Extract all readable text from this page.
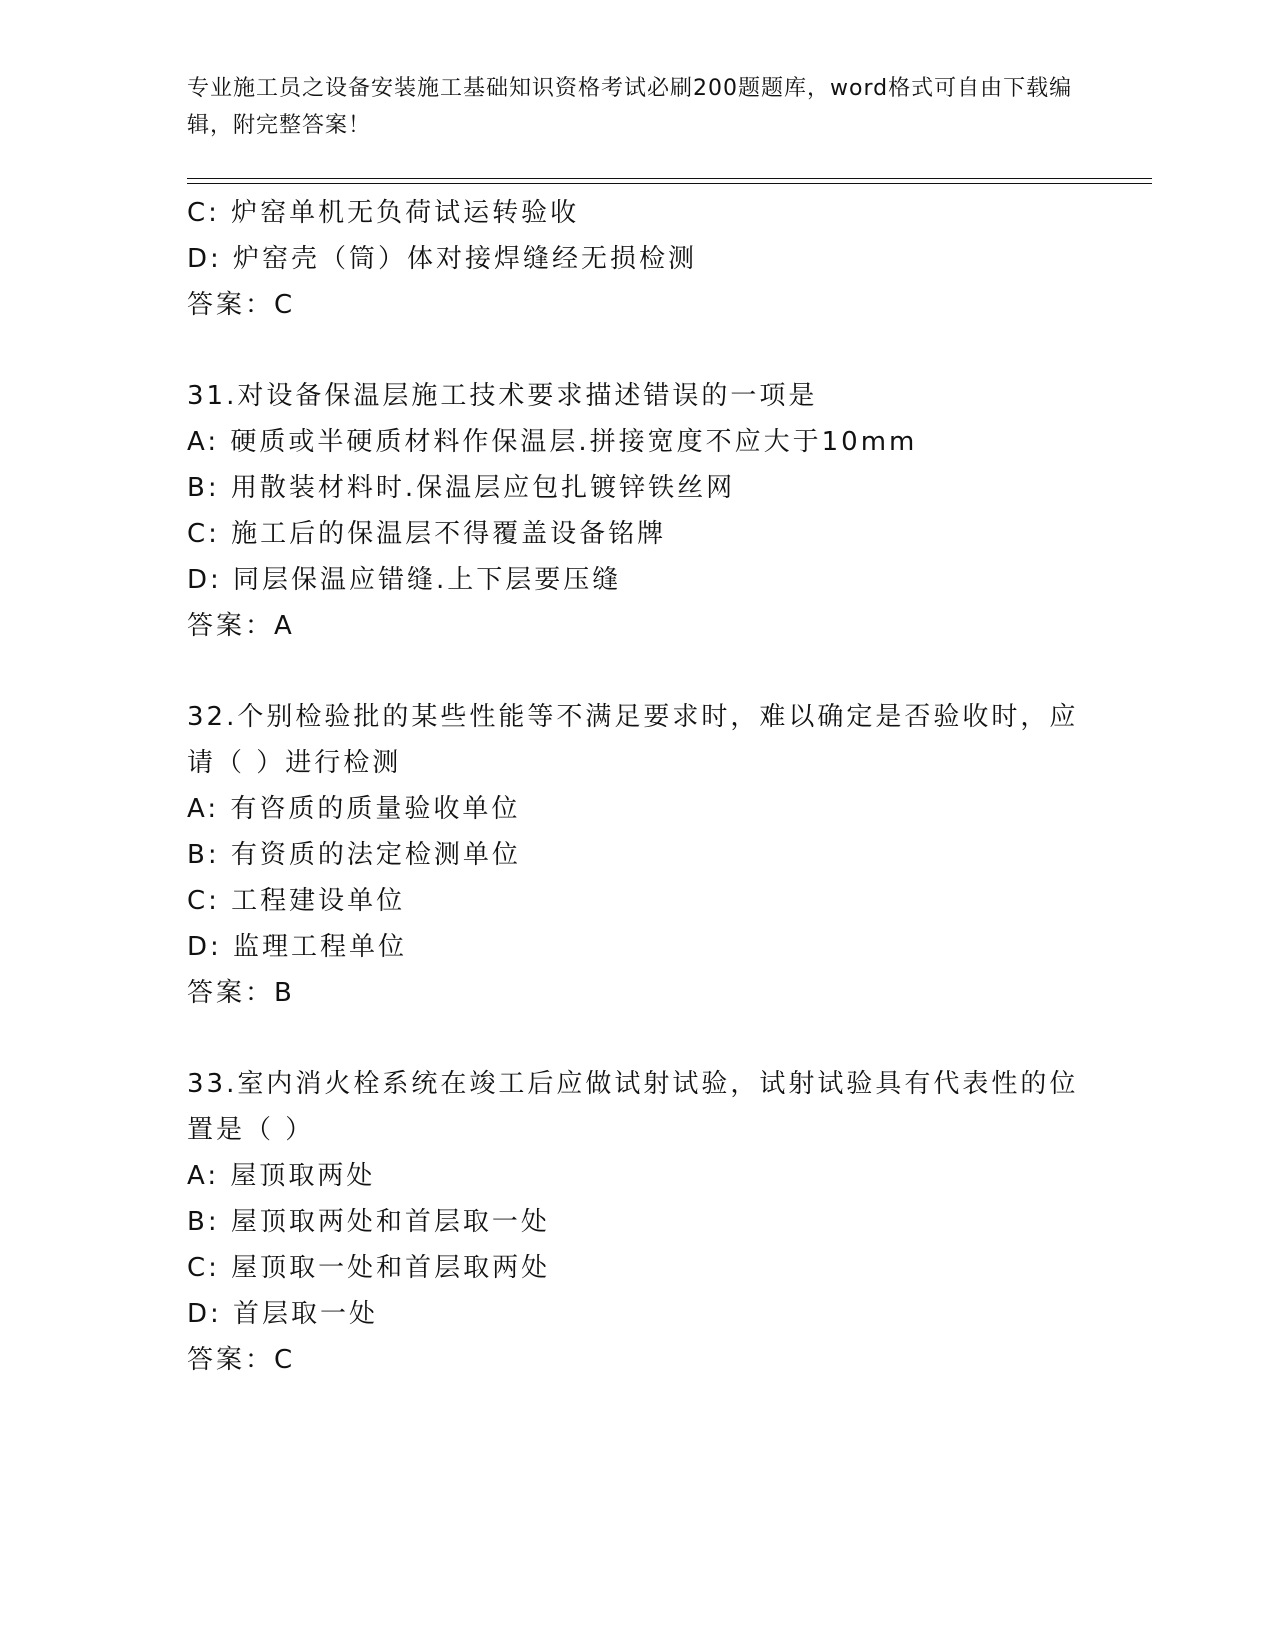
专业施工员之设备安装施工基础知识资格考试必刷200题题库，word格式可自由下载编辑，附完整答案！
C: 炉窑单机无负荷试运转验收
D: 炉窑壳（筒）体对接焊缝经无损检测
答案：C
31.对设备保温层施工技术要求描述错误的一项是
A: 硬质或半硬质材料作保温层.拼接宽度不应大于10mm
B: 用散装材料时.保温层应包扎镀锌铁丝网
C: 施工后的保温层不得覆盖设备铭牌
D: 同层保温应错缝.上下层要压缝
答案：A
32.个别检验批的某些性能等不满足要求时，难以确定是否验收时，应
请（ ）进行检测
A: 有咨质的质量验收单位
B: 有资质的法定检测单位
C: 工程建设单位
D: 监理工程单位
答案：B
33.室内消火栓系统在竣工后应做试射试验，试射试验具有代表性的位
置是（ ）
A: 屋顶取两处
B: 屋顶取两处和首层取一处
C: 屋顶取一处和首层取两处
D: 首层取一处
答案：C
